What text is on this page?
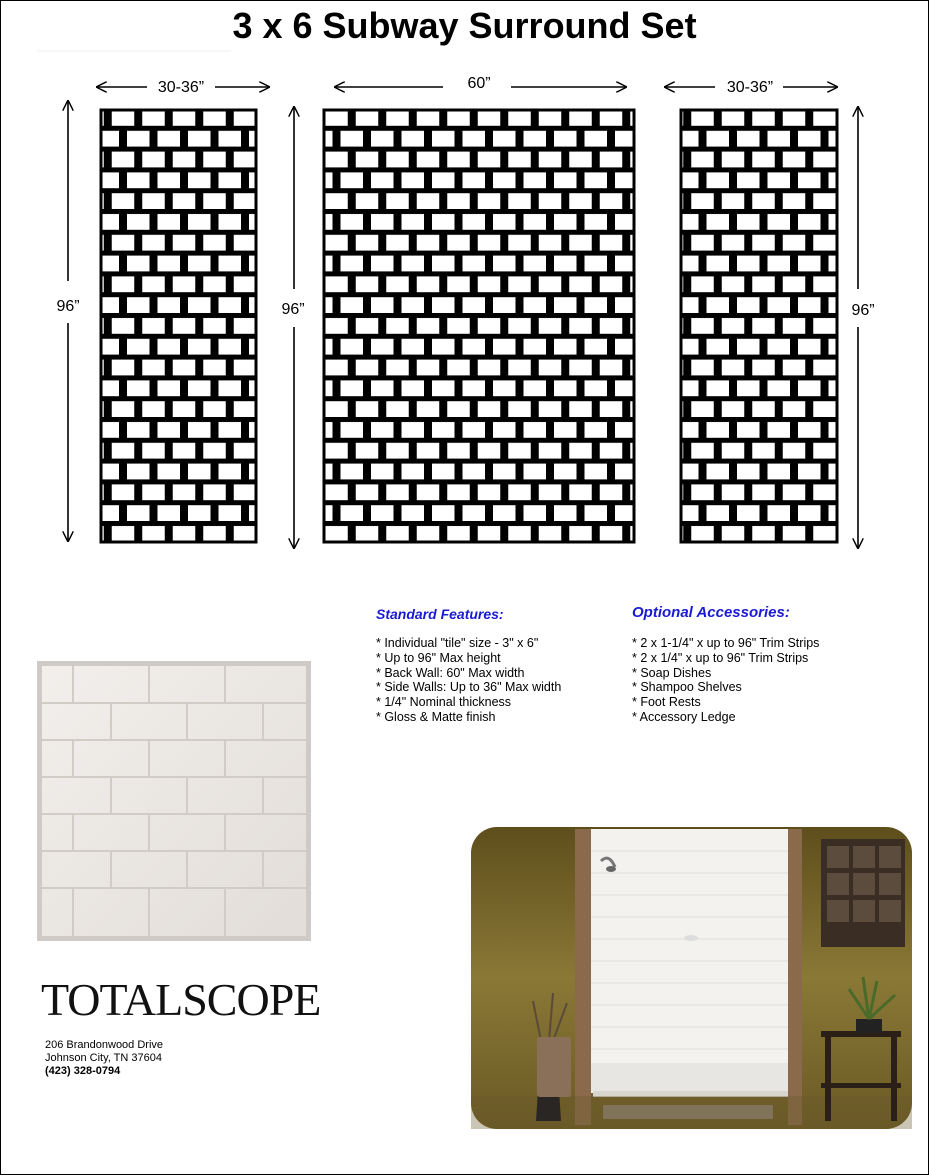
3 x 6 Subway Surround Set
30-36”	60”	30-36”
96”	96”	96”
Standard Features:
* Individual "tile" size - 3" x 6"
* Up to 96" Max height
* Back Wall: 60" Max width
* Side Walls: Up to 36" Max width
* 1/4" Nominal thickness
* Gloss & Matte finish
Optional Accessories:
* 2 x 1-1/4" x up to 96" Trim Strips
* 2 x 1/4" x up to 96" Trim Strips
* Soap Dishes
* Shampoo Shelves
* Foot Rests
* Accessory Ledge
TOTALSCOPE
206 Brandonwood Drive
Johnson City, TN 37604
(423) 328-0794
